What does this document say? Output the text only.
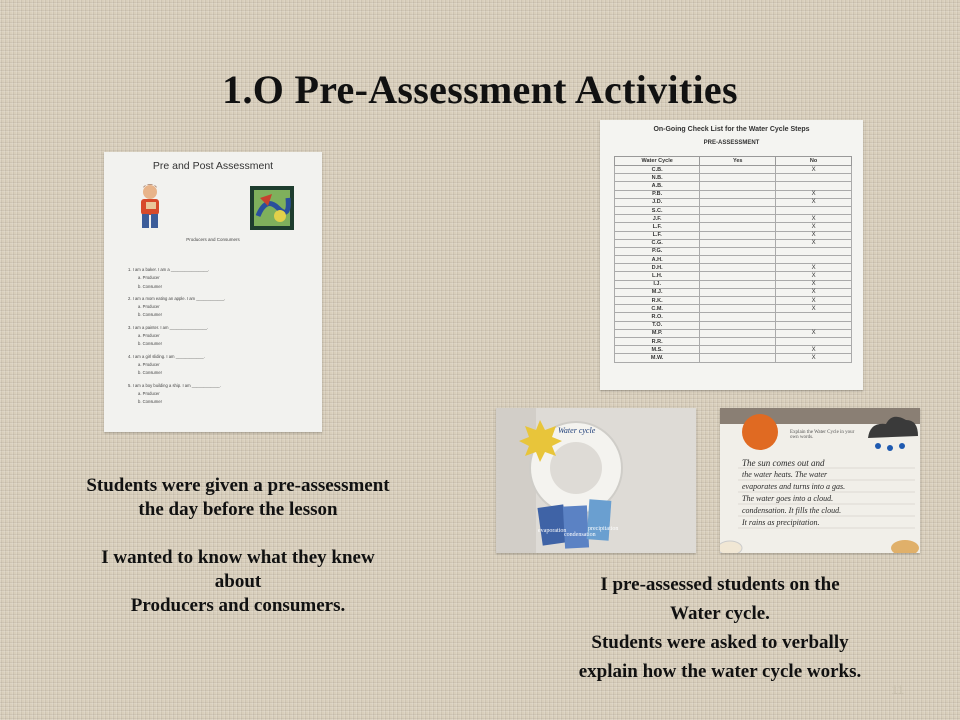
1.O Pre-Assessment Activities
Pre and Post Assessment
Producers and Consumers
1. I am a baker. I am a ________________.
a. Producer
b. Consumer
2. I am a mom eating an apple. I am ____________.
a. Producer
b. Consumer
3. I am a painter. I am ________________.
a. Producer
b. Consumer
4. I am a girl sliding. I am ____________.
a. Producer
b. Consumer
5. I am a boy building a ship. I am ____________.
a. Producer
b. Consumer
On-Going Check List for the Water Cycle Steps
PRE-ASSESSMENT
Water Cycle	Yes	No
C.B.		X
N.B.		
A.B.		
P.B.		X
J.D.		X
S.C.		
J.F.		X
L.F.		X
L.F.		X
C.G.		X
P.G.		
A.H.		
D.H.		X
L.H.		X
I.J.		X
M.J.		X
R.K.		X
C.M.		X
R.O.		
T.O.		
M.P.		X
R.R.		
M.S.		X
M.W.		X
Water cycle
evaporation
condensation
precipitation
Explain the Water Cycle in your own words.
The sun comes out and
the water heats. The water
evaporates and turns into a gas.
The water goes into a cloud.
condensation. It fills the cloud.
It rains as precipitation.
Students were given a pre-assessment
the day before the lesson
I wanted to know what they knew
about
Producers and consumers.
I pre-assessed students on the
Water cycle.
Students were asked to verbally
explain how the water cycle works.
11
